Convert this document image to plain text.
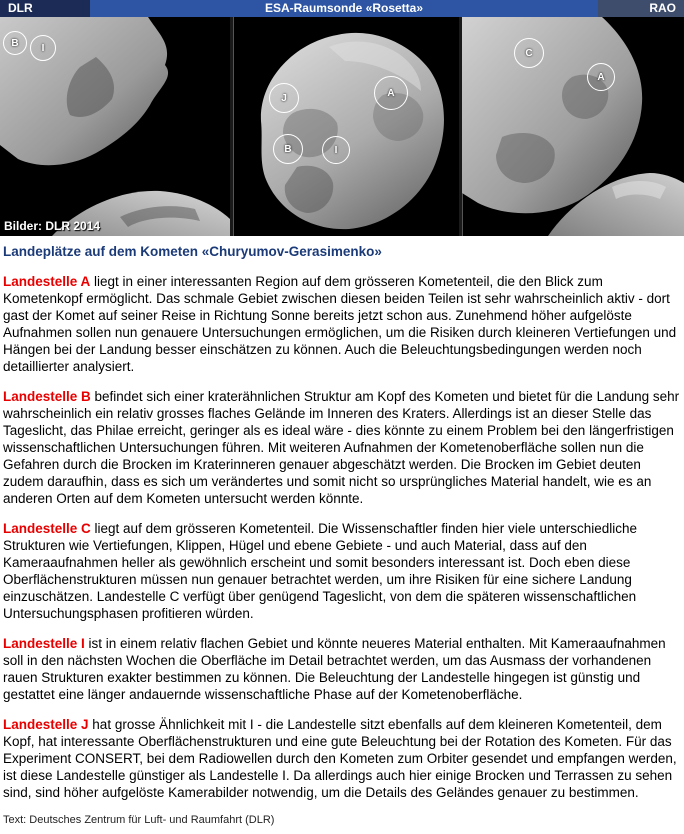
DLR	ESA-Raumsonde «Rosetta»	RAO
B	I
J	A
B	I
C
A
Bilder: DLR 2014
Landeplätze auf dem Kometen «Churyumov-Gerasimenko»

Landestelle A liegt in einer interessanten Region auf dem grösseren Kometenteil, die den Blick zum Kometenkopf ermöglicht. Das schmale Gebiet zwischen diesen beiden Teilen ist sehr wahrscheinlich aktiv - dort gast der Komet auf seiner Reise in Richtung Sonne bereits jetzt schon aus. Zunehmend höher aufgelöste Aufnahmen sollen nun genauere Untersuchungen ermöglichen, um die Risiken durch kleineren Vertiefungen und Hängen bei der Landung besser einschätzen zu können. Auch die Beleuchtungsbedingungen werden noch detaillierter analysiert.

Landestelle B befindet sich einer kraterähnlichen Struktur am Kopf des Kometen und bietet für die Landung sehr wahrscheinlich ein relativ grosses flaches Gelände im Inneren des Kraters. Allerdings ist an dieser Stelle das Tageslicht, das Philae erreicht, geringer als es ideal wäre - dies könnte zu einem Problem bei den längerfristigen wissenschaftlichen Untersuchungen führen. Mit weiteren Aufnahmen der Kometenoberfläche sollen nun die Gefahren durch die Brocken im Kraterinneren genauer abgeschätzt werden. Die Brocken im Gebiet deuten zudem daraufhin, dass es sich um verändertes und somit nicht so ursprüngliches Material handelt, wie es an anderen Orten auf dem Kometen untersucht werden könnte.

Landestelle C liegt auf dem grösseren Kometenteil. Die Wissenschaftler finden hier viele unterschiedliche Strukturen wie Vertiefungen, Klippen, Hügel und ebene Gebiete - und auch Material, dass auf den Kameraaufnahmen heller als gewöhnlich erscheint und somit besonders interessant ist. Doch eben diese Oberflächenstrukturen müssen nun genauer betrachtet werden, um ihre Risiken für eine sichere Landung einzuschätzen. Landestelle C verfügt über genügend Tageslicht, von dem die späteren wissenschaftlichen Untersuchungsphasen profitieren würden.

Landestelle I ist in einem relativ flachen Gebiet und könnte neueres Material enthalten. Mit Kameraaufnahmen soll in den nächsten Wochen die Oberfläche im Detail betrachtet werden, um das Ausmass der vorhandenen rauen Strukturen exakter bestimmen zu können. Die Beleuchtung der Landestelle hingegen ist günstig und gestattet eine länger andauernde wissenschaftliche Phase auf der Kometenoberfläche.

Landestelle J hat grosse Ähnlichkeit mit I - die Landestelle sitzt ebenfalls auf dem kleineren Kometenteil, dem Kopf, hat interessante Oberflächenstrukturen und eine gute Beleuchtung bei der Rotation des Kometen. Für das Experiment CONSERT, bei dem Radiowellen durch den Kometen zum Orbiter gesendet und empfangen werden, ist diese Landestelle günstiger als Landestelle I. Da allerdings auch hier einige Brocken und Terrassen zu sehen sind, sind höher aufgelöste Kamerabilder notwendig, um die Details des Geländes genauer zu bestimmen.

Text: Deutsches Zentrum für Luft- und Raumfahrt (DLR)
